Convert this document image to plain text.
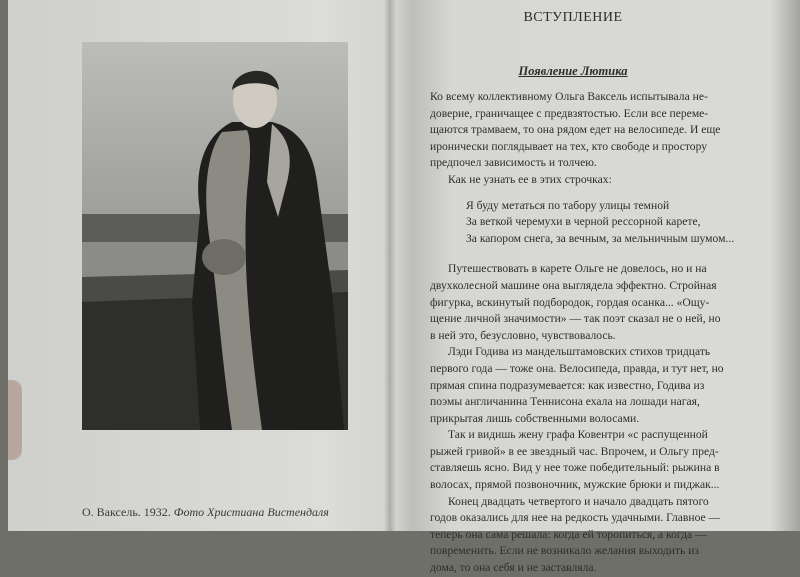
О. Ваксель. 1932. Фото Христиана Вистендаля
ВСТУПЛЕНИЕ
Появление Лютика

Ко всему коллективному Ольга Ваксель испытывала не-
доверие, граничащее с предвзятостью. Если все переме-
щаются трамваем, то она рядом едет на велосипеде. И еще
иронически поглядывает на тех, кто свободе и простору
предпочел зависимость и толчею.

Как не узнать ее в этих строчках:

Я буду метаться по табору улицы темной
За веткой черемухи в черной рессорной карете,
За капором снега, за вечным, за мельничным шумом...

Путешествовать в карете Ольге не довелось, но и на

двухколесной машине она выглядела эффектно. Стройная
фигурка, вскинутый подбородок, гордая осанка... «Ощу-
щение личной значимости» — так поэт сказал не о ней, но
в ней это, безусловно, чувствовалось.

Лэди Годива из мандельштамовских стихов тридцать
первого года — тоже она. Велосипеда, правда, и тут нет, но
прямая спина подразумевается: как известно, Годива из
поэмы англичанина Теннисона ехала на лошади нагая,
прикрытая лишь собственными волосами.

Так и видишь жену графа Ковентри «с распущенной
рыжей гривой» в ее звездный час. Впрочем, и Ольгу пред-
ставляешь ясно. Вид у нее тоже победительный: рыжина в
волосах, прямой позвоночник, мужские брюки и пиджак...

Конец двадцать четвертого и начало двадцать пятого
годов оказались для нее на редкость удачными. Главное —
теперь она сама решала: когда ей торопиться, а когда —
повременить. Если не возникало желания выходить из
дома, то она себя и не заставляла.
